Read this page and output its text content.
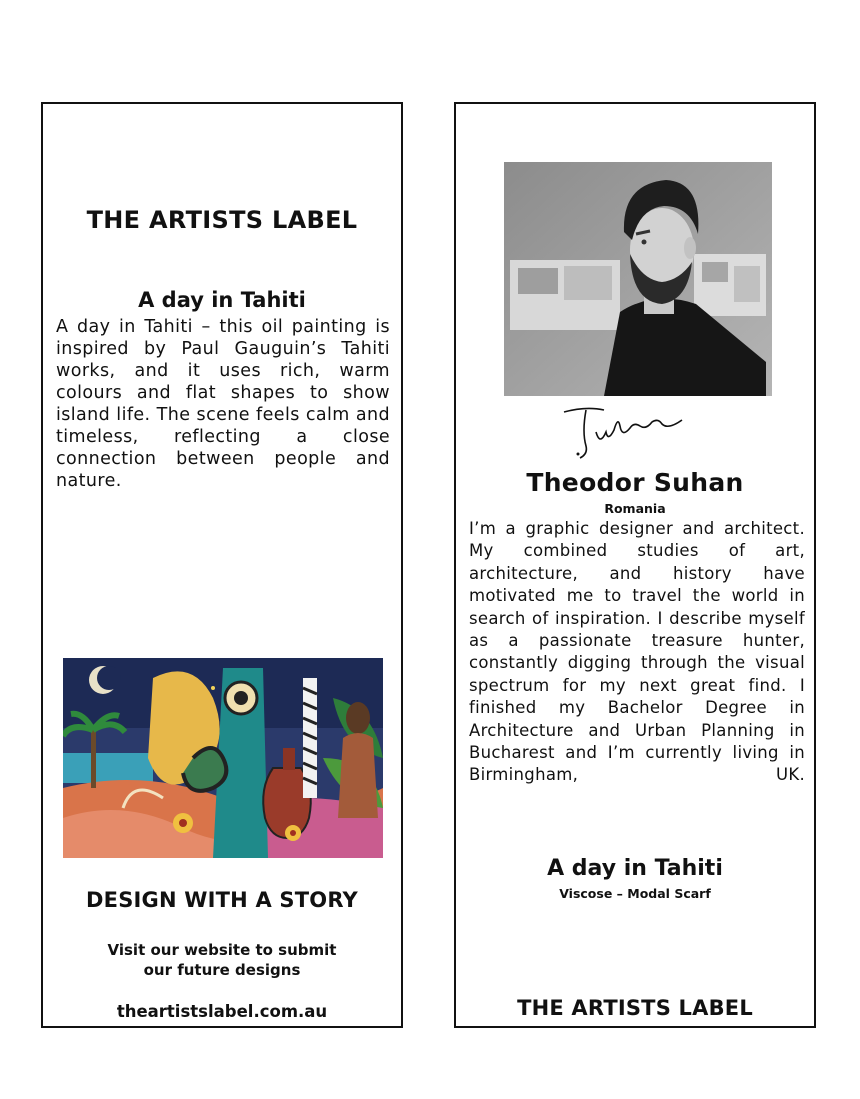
THE ARTISTS LABEL
A day in Tahiti
A day in Tahiti – this oil painting is inspired by Paul Gauguin’s Tahiti works, and it uses rich, warm colours and flat shapes to show island life. The scene feels calm and timeless, reflecting a close connection between people and nature.
DESIGN WITH A STORY
Visit our website to submit
our future designs
theartistslabel.com.au
Theodor Suhan
Romania
I’m a graphic designer and architect. My combined studies of art, architecture, and history have motivated me to travel the world in search of inspiration. I describe myself as a passionate treasure hunter, constantly digging through the visual spectrum for my next great find. I finished my Bachelor Degree in Architecture and Urban Planning in Bucharest and I’m currently living in Birmingham, UK.
A day in Tahiti
Viscose – Modal Scarf
THE ARTISTS LABEL
